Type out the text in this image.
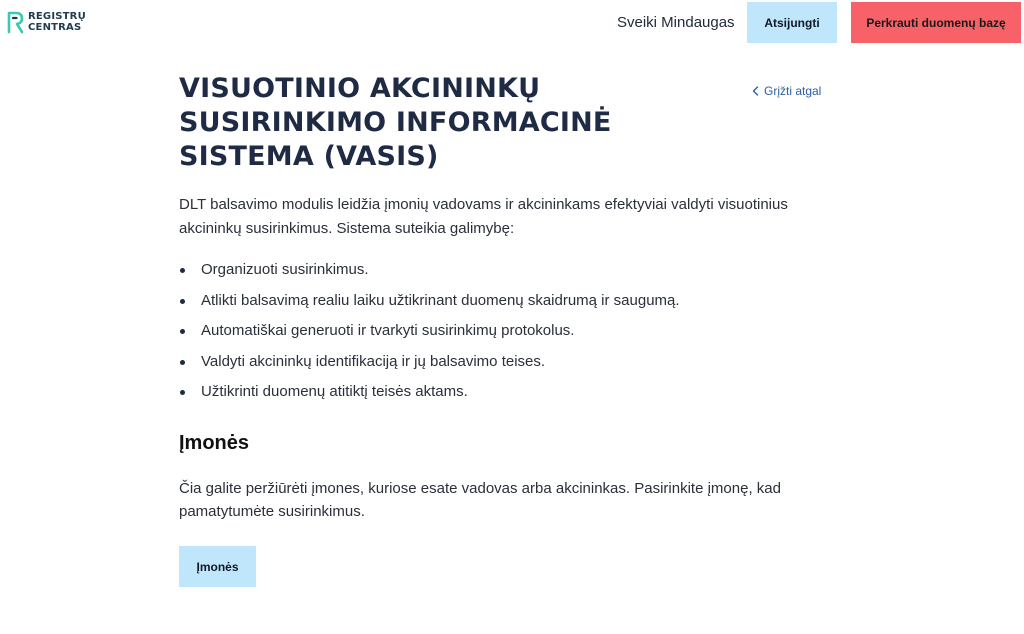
REGISTRŲ
CENTRAS	Sveiki Mindaugas	Atsijungti	Perkrauti duomenų bazę
VISUOTINIO AKCININKŲ SUSIRINKIMO INFORMACINĖ SISTEMA (VASIS)
Grįžti atgal

DLT balsavimo modulis leidžia įmonių vadovams ir akcininkams efektyviai valdyti visuotinius akcininkų susirinkimus. Sistema suteikia galimybę:

Organizuoti susirinkimus.
Atlikti balsavimą realiu laiku užtikrinant duomenų skaidrumą ir saugumą.
Automatiškai generuoti ir tvarkyti susirinkimų protokolus.
Valdyti akcininkų identifikaciją ir jų balsavimo teises.
Užtikrinti duomenų atitiktį teisės aktams.
Įmonės

Čia galite peržiūrėti įmones, kuriose esate vadovas arba akcininkas. Pasirinkite įmonę, kad pamatytumėte susirinkimus.

Įmonės
